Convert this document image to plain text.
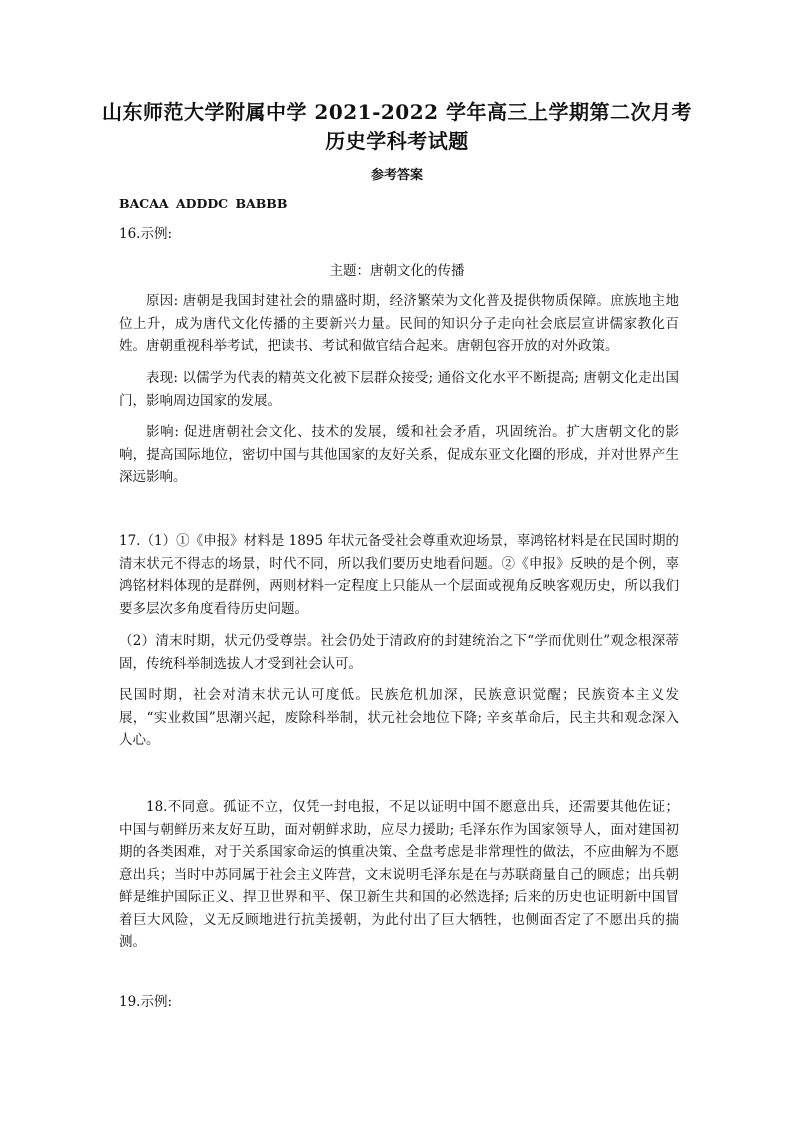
山东师范大学附属中学 2021-2022 学年高三上学期第二次月考
历史学科考试题
参考答案
BACAA ADDDC BABBB
16.示例:
主题：唐朝文化的传播
原因: 唐朝是我国封建社会的鼎盛时期，经济繁荣为文化普及提供物质保障。庶族地主地位上升，成为唐代文化传播的主要新兴力量。民间的知识分子走向社会底层宣讲儒家教化百姓。唐朝重视科举考试，把读书、考试和做官结合起来。唐朝包容开放的对外政策。
表现: 以儒学为代表的精英文化被下层群众接受; 通俗文化水平不断提高; 唐朝文化走出国门，影响周边国家的发展。
影响: 促进唐朝社会文化、技术的发展，缓和社会矛盾，巩固统治。扩大唐朝文化的影响，提高国际地位，密切中国与其他国家的友好关系，促成东亚文化圈的形成，并对世界产生深远影响。
17.（1）①《申报》材料是 1895 年状元备受社会尊重欢迎场景，辜鸿铭材料是在民国时期的清末状元不得志的场景，时代不同，所以我们要历史地看问题。②《申报》反映的是个例，辜鸿铭材料体现的是群例，两则材料一定程度上只能从一个层面或视角反映客观历史，所以我们要多层次多角度看待历史问题。
（2）清末时期，状元仍受尊崇。社会仍处于清政府的封建统治之下“学而优则仕”观念根深蒂固，传统科举制选拔人才受到社会认可。
民国时期，社会对清末状元认可度低。民族危机加深，民族意识觉醒；民族资本主义发展，“实业救国”思潮兴起，废除科举制，状元社会地位下降; 辛亥革命后，民主共和观念深入人心。
18.不同意。孤证不立，仅凭一封电报，不足以证明中国不愿意出兵，还需要其他佐证；中国与朝鲜历来友好互助，面对朝鲜求助，应尽力援助; 毛泽东作为国家领导人，面对建国初期的各类困难，对于关系国家命运的慎重决策、全盘考虑是非常理性的做法，不应曲解为不愿意出兵；当时中苏同属于社会主义阵营，文末说明毛泽东是在与苏联商量自己的顾虑；出兵朝鲜是维护国际正义、捍卫世界和平、保卫新生共和国的必然选择; 后来的历史也证明新中国冒着巨大风险，义无反顾地进行抗美援朝，为此付出了巨大牺牲，也侧面否定了不愿出兵的揣测。
19.示例:
